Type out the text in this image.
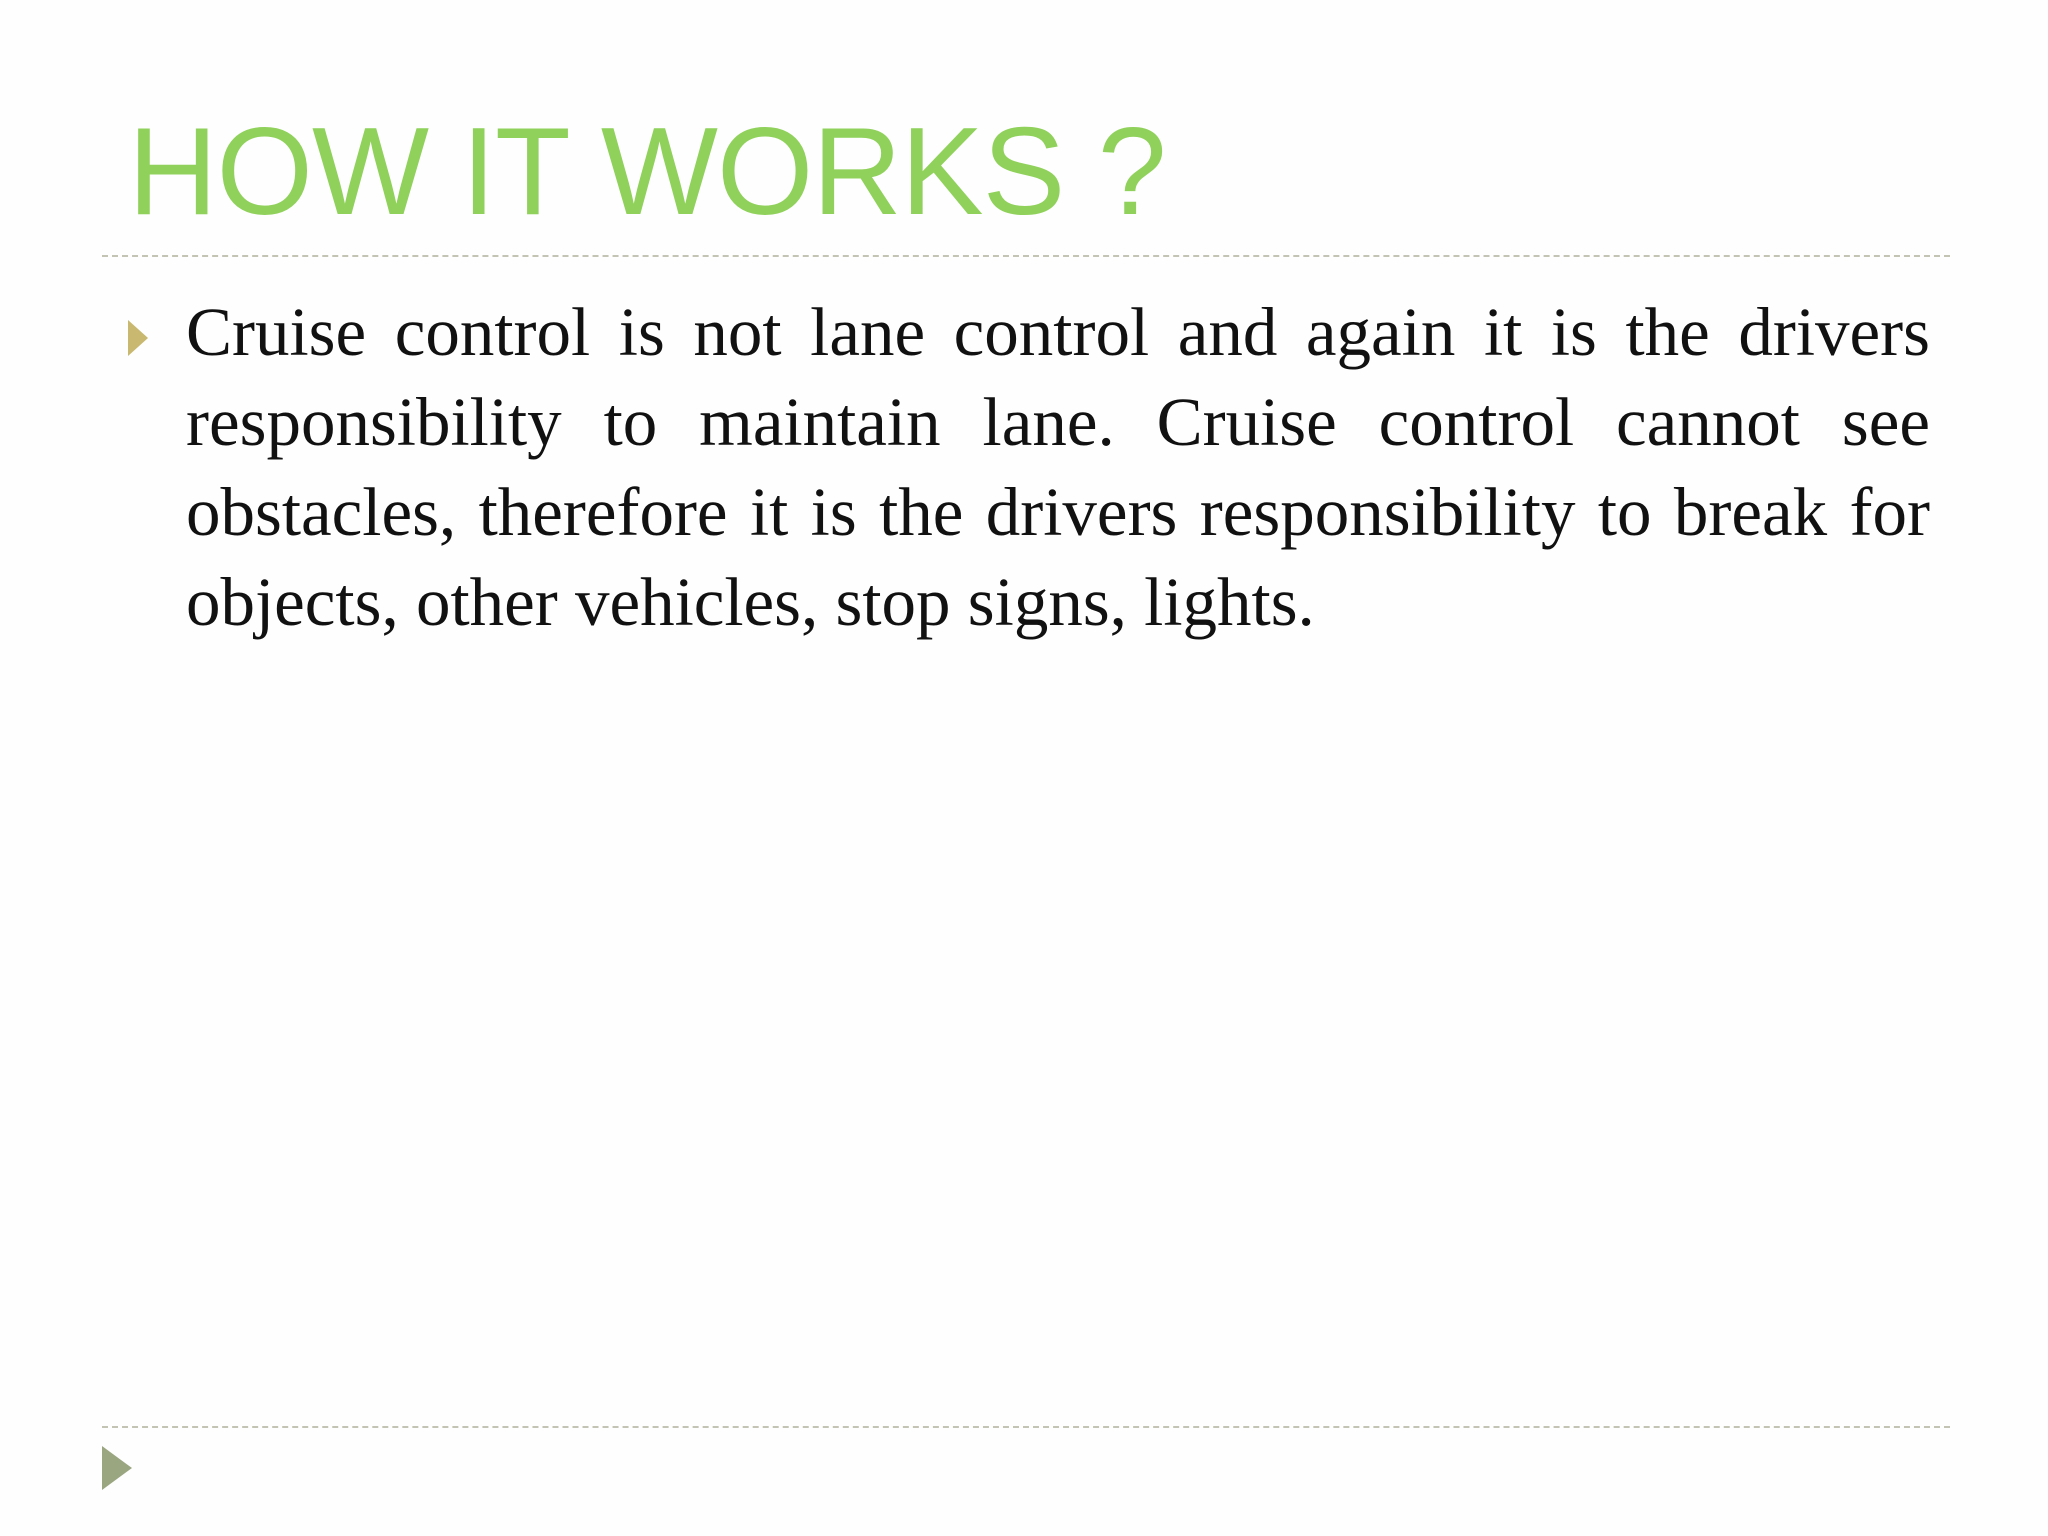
HOW IT WORKS ?

Cruise control is not lane control and again it is the drivers responsibility to maintain lane. Cruise control cannot see obstacles, therefore it is the drivers responsibility to break for objects, other vehicles, stop signs, lights.
